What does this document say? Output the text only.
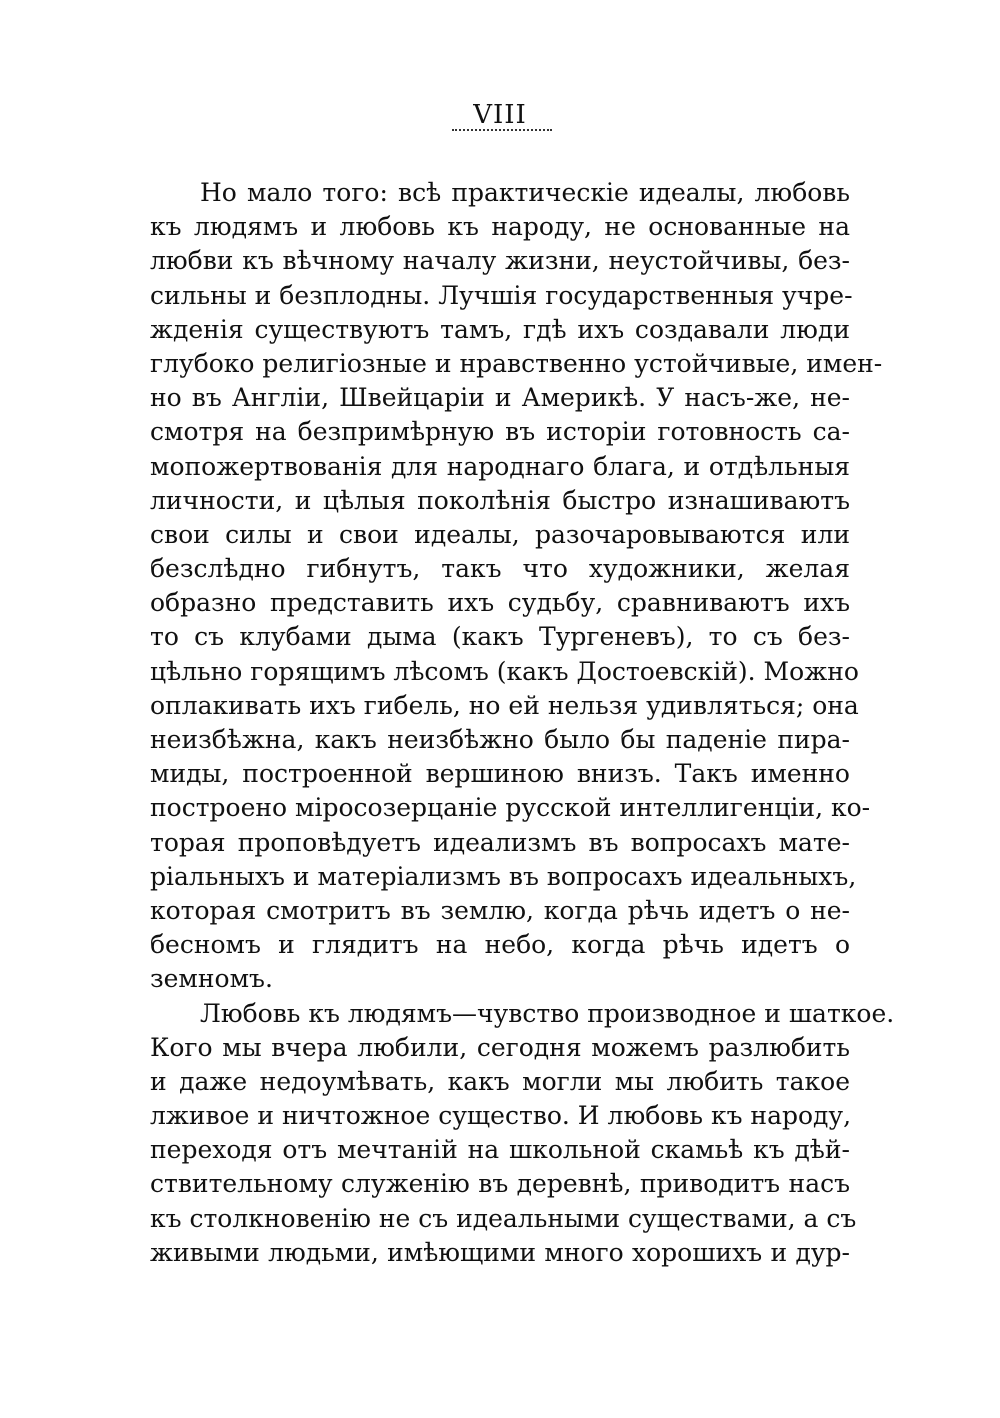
VIII
Но мало того: всѣ практическіе идеалы, любовь
къ людямъ и любовь къ народу, не основанные на
любви къ вѣчному началу жизни, неустойчивы, без-
сильны и безплодны. Лучшія государственныя учре-
жденія существуютъ тамъ, гдѣ ихъ создавали люди
глубоко религіозные и нравственно устойчивые, имен-
но въ Англіи, Швейцаріи и Америкѣ. У насъ-же, не-
смотря на безпримѣрную въ исторіи готовность са-
мопожертвованія для народнаго блага, и отдѣльныя
личности, и цѣлыя поколѣнія быстро изнашиваютъ
свои силы и свои идеалы, разочаровываются или
безслѣдно гибнутъ, такъ что художники, желая
образно представить ихъ судьбу, сравниваютъ ихъ
то съ клубами дыма (какъ Тургеневъ), то съ без-
цѣльно горящимъ лѣсомъ (какъ Достоевскій). Можно
оплакивать ихъ гибель, но ей нельзя удивляться; она
неизбѣжна, какъ неизбѣжно было бы паденіе пира-
миды, построенной вершиною внизъ. Такъ именно
построено міросозерцаніе русской интеллигенціи, ко-
торая проповѣдуетъ идеализмъ въ вопросахъ мате-
ріальныхъ и матеріализмъ въ вопросахъ идеальныхъ,
которая смотритъ въ землю, когда рѣчь идетъ о не-
бесномъ и глядитъ на небо, когда рѣчь идетъ о
земномъ.
Любовь къ людямъ—чувство производное и шаткое.
Кого мы вчера любили, сегодня можемъ разлюбить
и даже недоумѣвать, какъ могли мы любить такое
лживое и ничтожное существо. И любовь къ народу,
переходя отъ мечтаній на школьной скамьѣ къ дѣй-
ствительному служенію въ деревнѣ, приводитъ насъ
къ столкновенію не съ идеальными существами, а съ
живыми людьми, имѣющими много хорошихъ и дур-
